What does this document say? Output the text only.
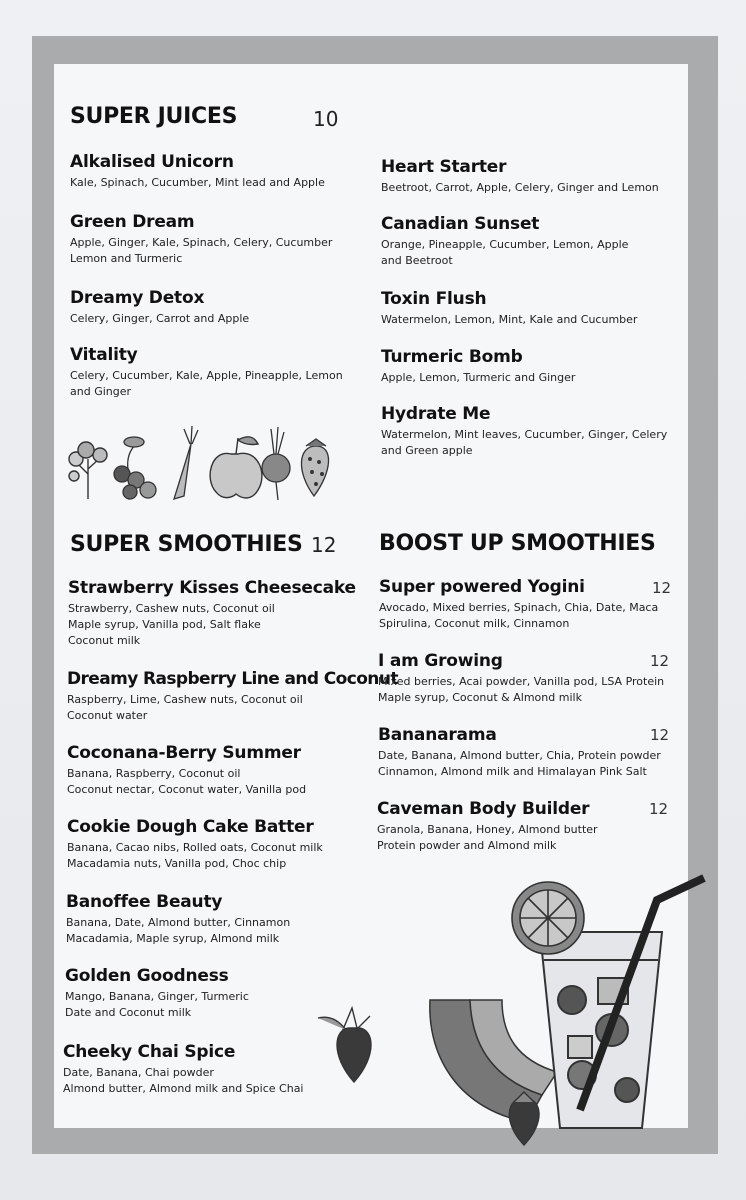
SUPER JUICES	10
Alkalised Unicorn
Kale, Spinach, Cucumber, Mint lead and Apple
Green Dream
Apple, Ginger, Kale, Spinach, Celery, Cucumber
Lemon and Turmeric
Dreamy Detox
Celery, Ginger, Carrot and Apple
Vitality
Celery, Cucumber, Kale, Apple, Pineapple, Lemon
and Ginger
Heart Starter
Beetroot, Carrot, Apple, Celery, Ginger and Lemon
Canadian Sunset
Orange, Pineapple, Cucumber, Lemon, Apple
and Beetroot
Toxin Flush
Watermelon, Lemon, Mint, Kale and Cucumber
Turmeric Bomb
Apple, Lemon, Turmeric and Ginger
Hydrate Me
Watermelon, Mint leaves, Cucumber, Ginger, Celery
and Green apple
SUPER SMOOTHIES 12
Strawberry Kisses Cheesecake
Strawberry, Cashew nuts, Coconut oil
Maple syrup, Vanilla pod, Salt flake
Coconut milk
Dreamy Raspberry Line and Coconut
Raspberry, Lime, Cashew nuts, Coconut oil
Coconut water
Coconana-Berry Summer
Banana, Raspberry, Coconut oil
Coconut nectar, Coconut water, Vanilla pod
Cookie Dough Cake Batter
Banana, Cacao nibs, Rolled oats, Coconut milk
Macadamia nuts, Vanilla pod, Choc chip
Banoffee Beauty
Banana, Date, Almond butter, Cinnamon
Macadamia, Maple syrup, Almond milk
Golden Goodness
Mango, Banana, Ginger, Turmeric
Date and Coconut milk
Cheeky Chai Spice
Date, Banana, Chai powder
Almond butter, Almond milk and Spice Chai
BOOST UP SMOOTHIES
Super powered Yogini
Avocado, Mixed berries, Spinach, Chia, Date, Maca
Spirulina, Coconut milk, Cinnamon
12
I am Growing
Mixed berries, Acai powder, Vanilla pod, LSA Protein
Maple syrup, Coconut & Almond milk
12
Bananarama
Date, Banana, Almond butter, Chia, Protein powder
Cinnamon, Almond milk and Himalayan Pink Salt
12
Caveman Body Builder
Granola, Banana, Honey, Almond butter
Protein powder and Almond milk
12
